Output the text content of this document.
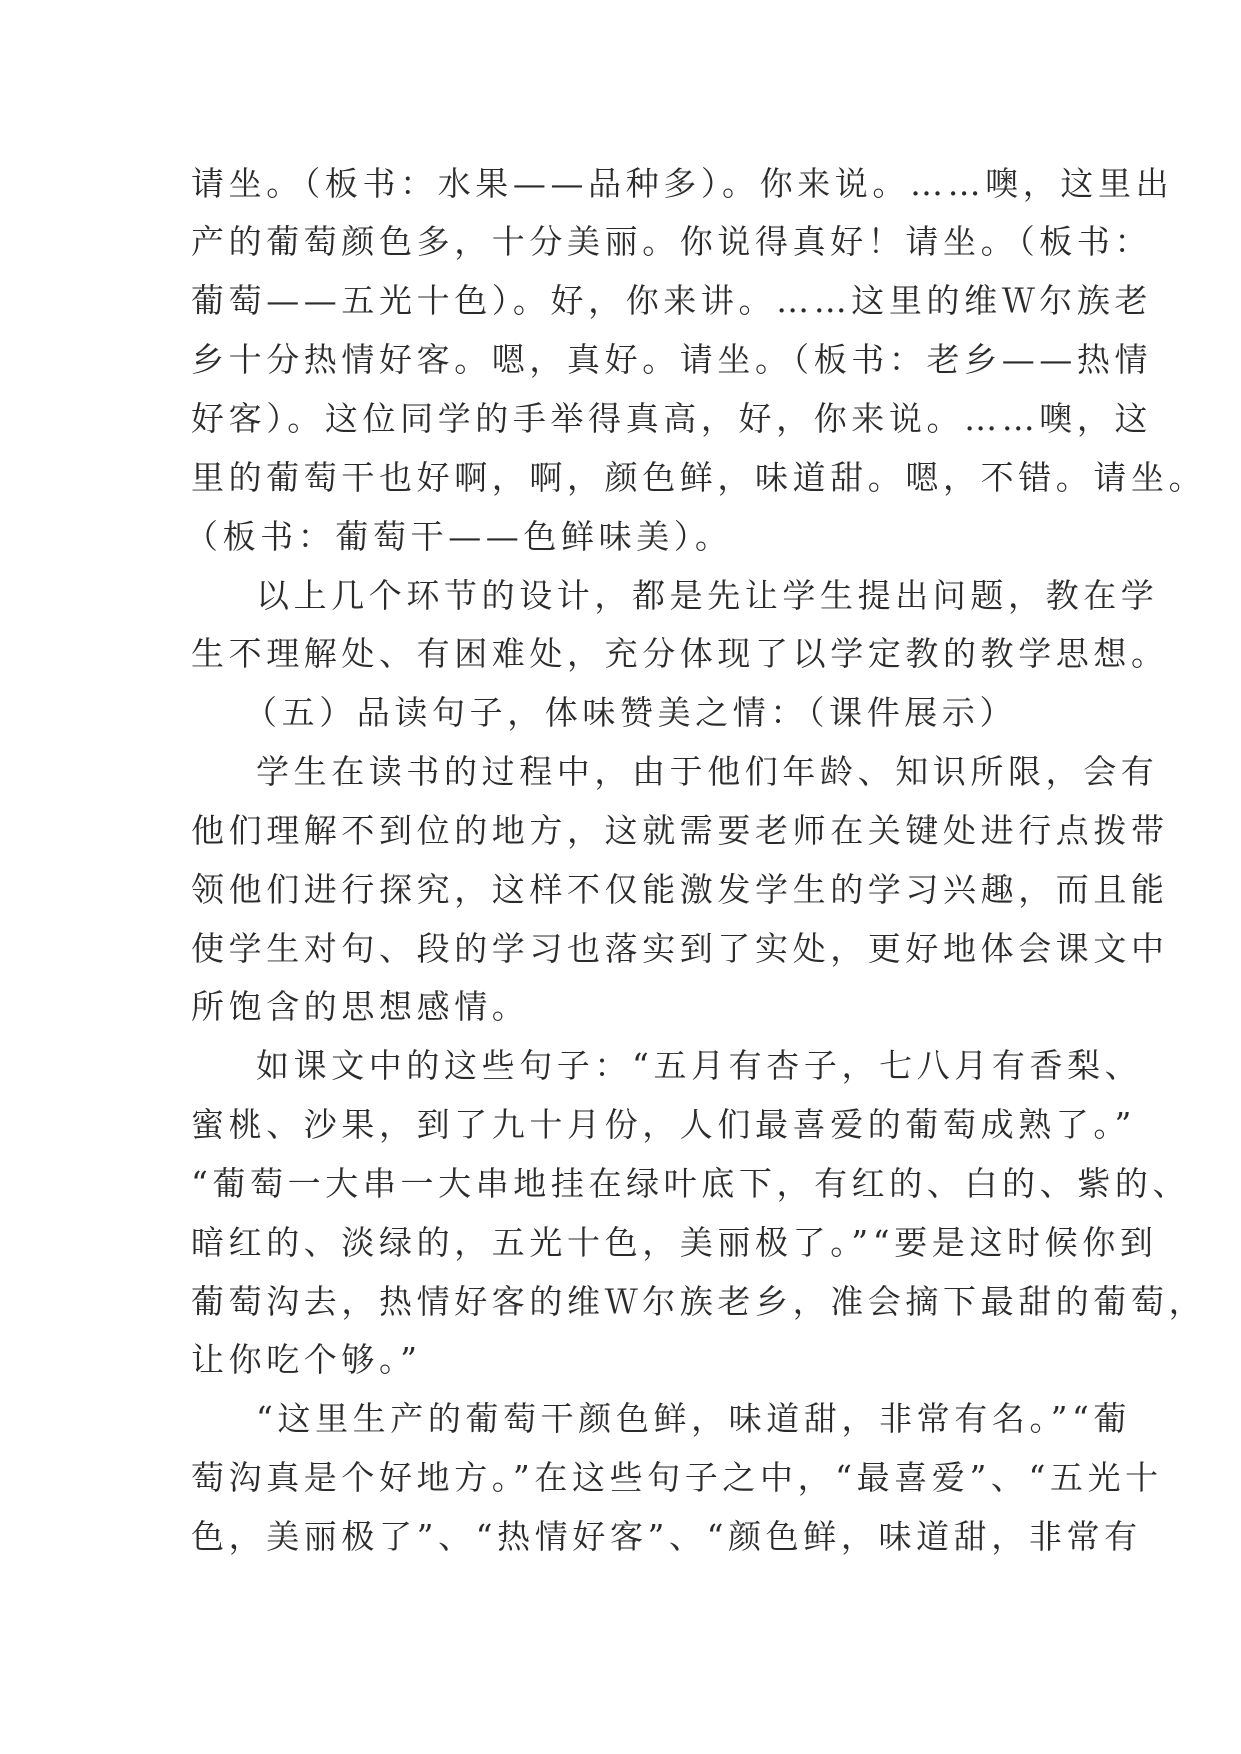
请坐。（板书：水果——品种多）。你来说。……噢，这里出
产的葡萄颜色多，十分美丽。你说得真好！请坐。（板书：
葡萄——五光十色）。好，你来讲。……这里的维Ｗ尔族老
乡十分热情好客。嗯，真好。请坐。（板书：老乡——热情
好客）。这位同学的手举得真高，好，你来说。……噢，这
里的葡萄干也好啊，啊，颜色鲜，味道甜。嗯，不错。请坐。
（板书：葡萄干——色鲜味美）。
以上几个环节的设计，都是先让学生提出问题，教在学
生不理解处、有困难处，充分体现了以学定教的教学思想。
（五）品读句子，体味赞美之情：（课件展示）
学生在读书的过程中，由于他们年龄、知识所限，会有
他们理解不到位的地方，这就需要老师在关键处进行点拨带
领他们进行探究，这样不仅能激发学生的学习兴趣，而且能
使学生对句、段的学习也落实到了实处，更好地体会课文中
所饱含的思想感情。
如课文中的这些句子：“五月有杏子，七八月有香梨、
蜜桃、沙果，到了九十月份，人们最喜爱的葡萄成熟了。”
“葡萄一大串一大串地挂在绿叶底下，有红的、白的、紫的、
暗红的、淡绿的，五光十色，美丽极了。”“要是这时候你到
葡萄沟去，热情好客的维Ｗ尔族老乡，准会摘下最甜的葡萄，
让你吃个够。”
“这里生产的葡萄干颜色鲜，味道甜，非常有名。”“葡
萄沟真是个好地方。”在这些句子之中，“最喜爱”、“五光十
色，美丽极了”、“热情好客”、“颜色鲜，味道甜，非常有
